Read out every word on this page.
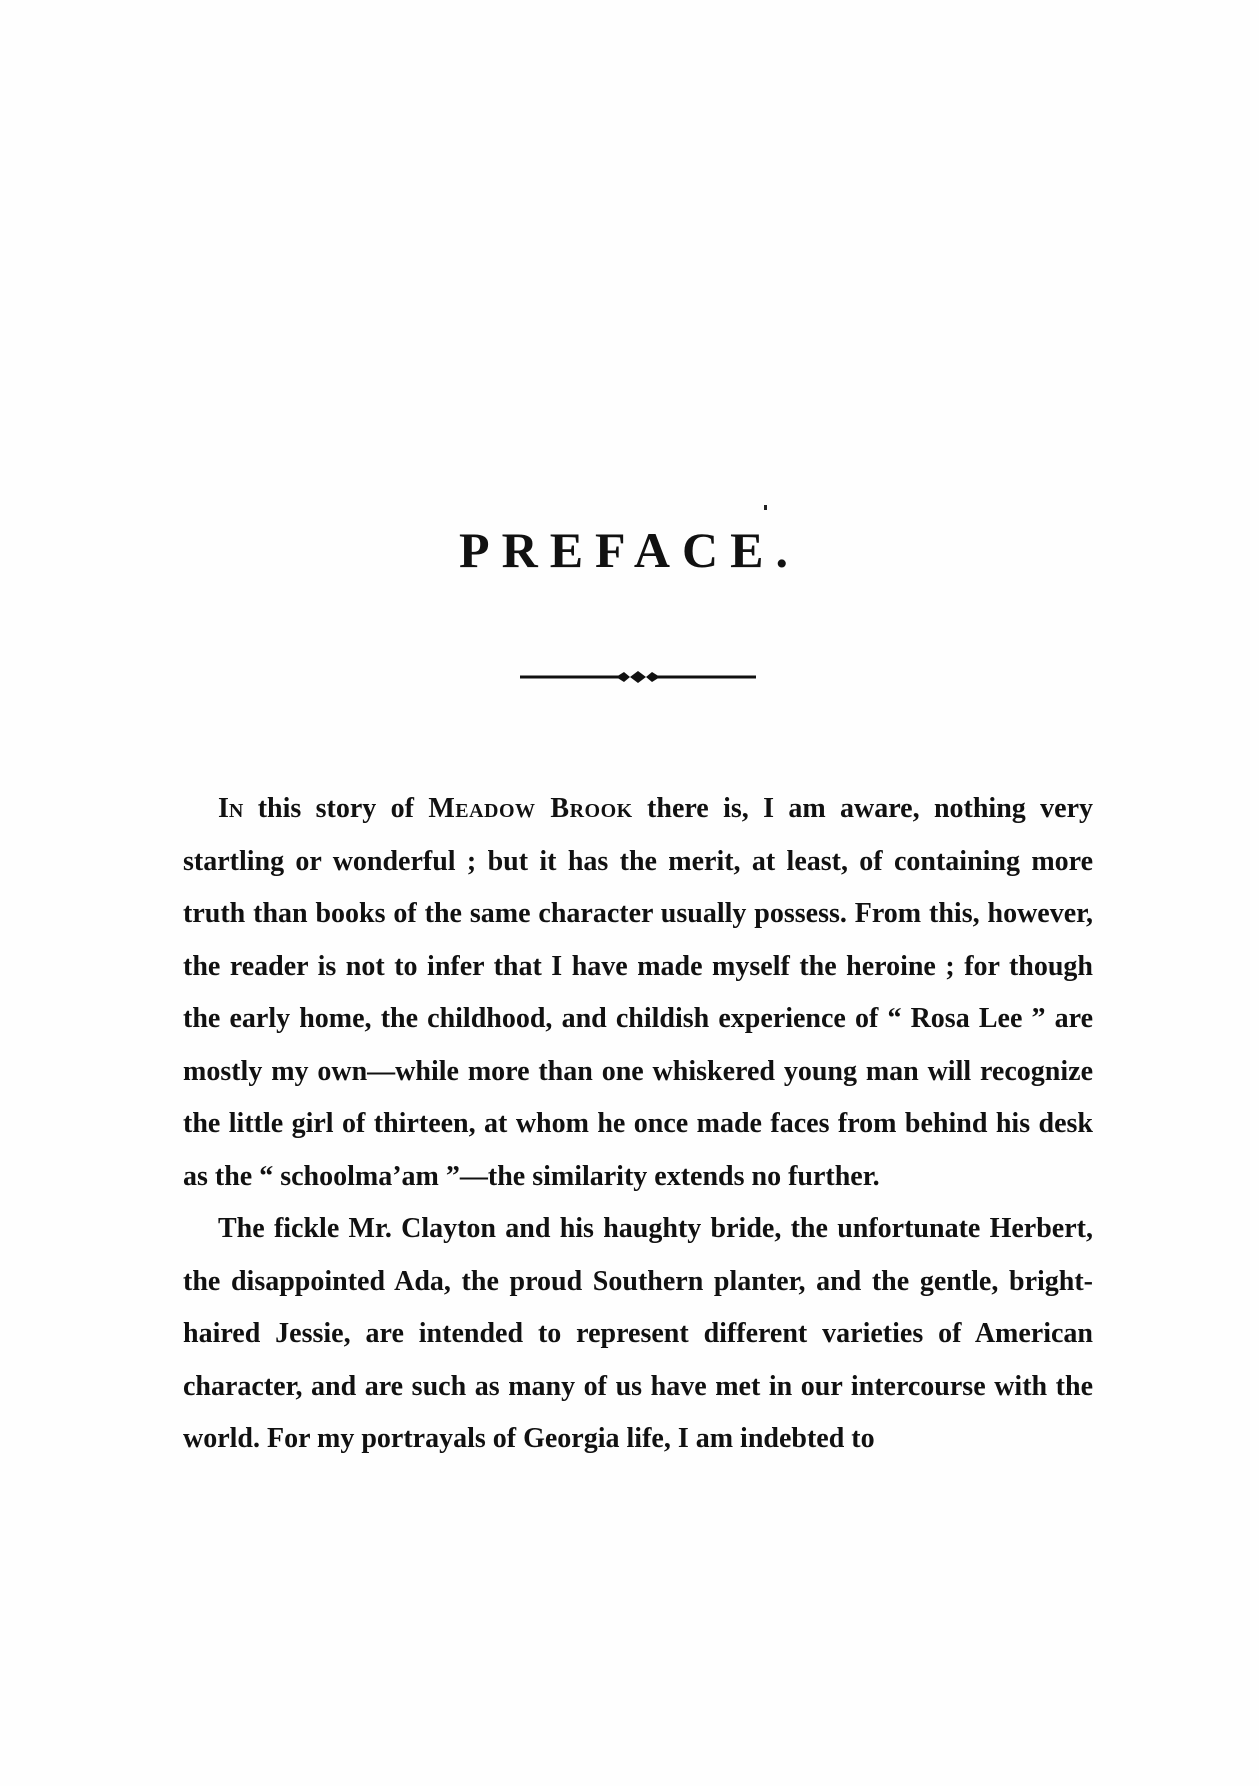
PREFACE.

In this story of Meadow Brook there is, I am aware, nothing very startling or wonderful ; but it has the merit, at least, of containing more truth than books of the same character usually possess. From this, however, the reader is not to infer that I have made myself the heroine ; for though the early home, the childhood, and childish experience of “ Rosa Lee ” are mostly my own—while more than one whiskered young man will recognize the little girl of thirteen, at whom he once made faces from behind his desk as the “ schoolma’am ”—the similarity extends no further.

The fickle Mr. Clayton and his haughty bride, the unfortunate Herbert, the disappointed Ada, the proud Southern planter, and the gentle, bright-haired Jessie, are intended to represent different varieties of American character, and are such as many of us have met in our intercourse with the world. For my portrayals of Georgia life, I am indebted to
